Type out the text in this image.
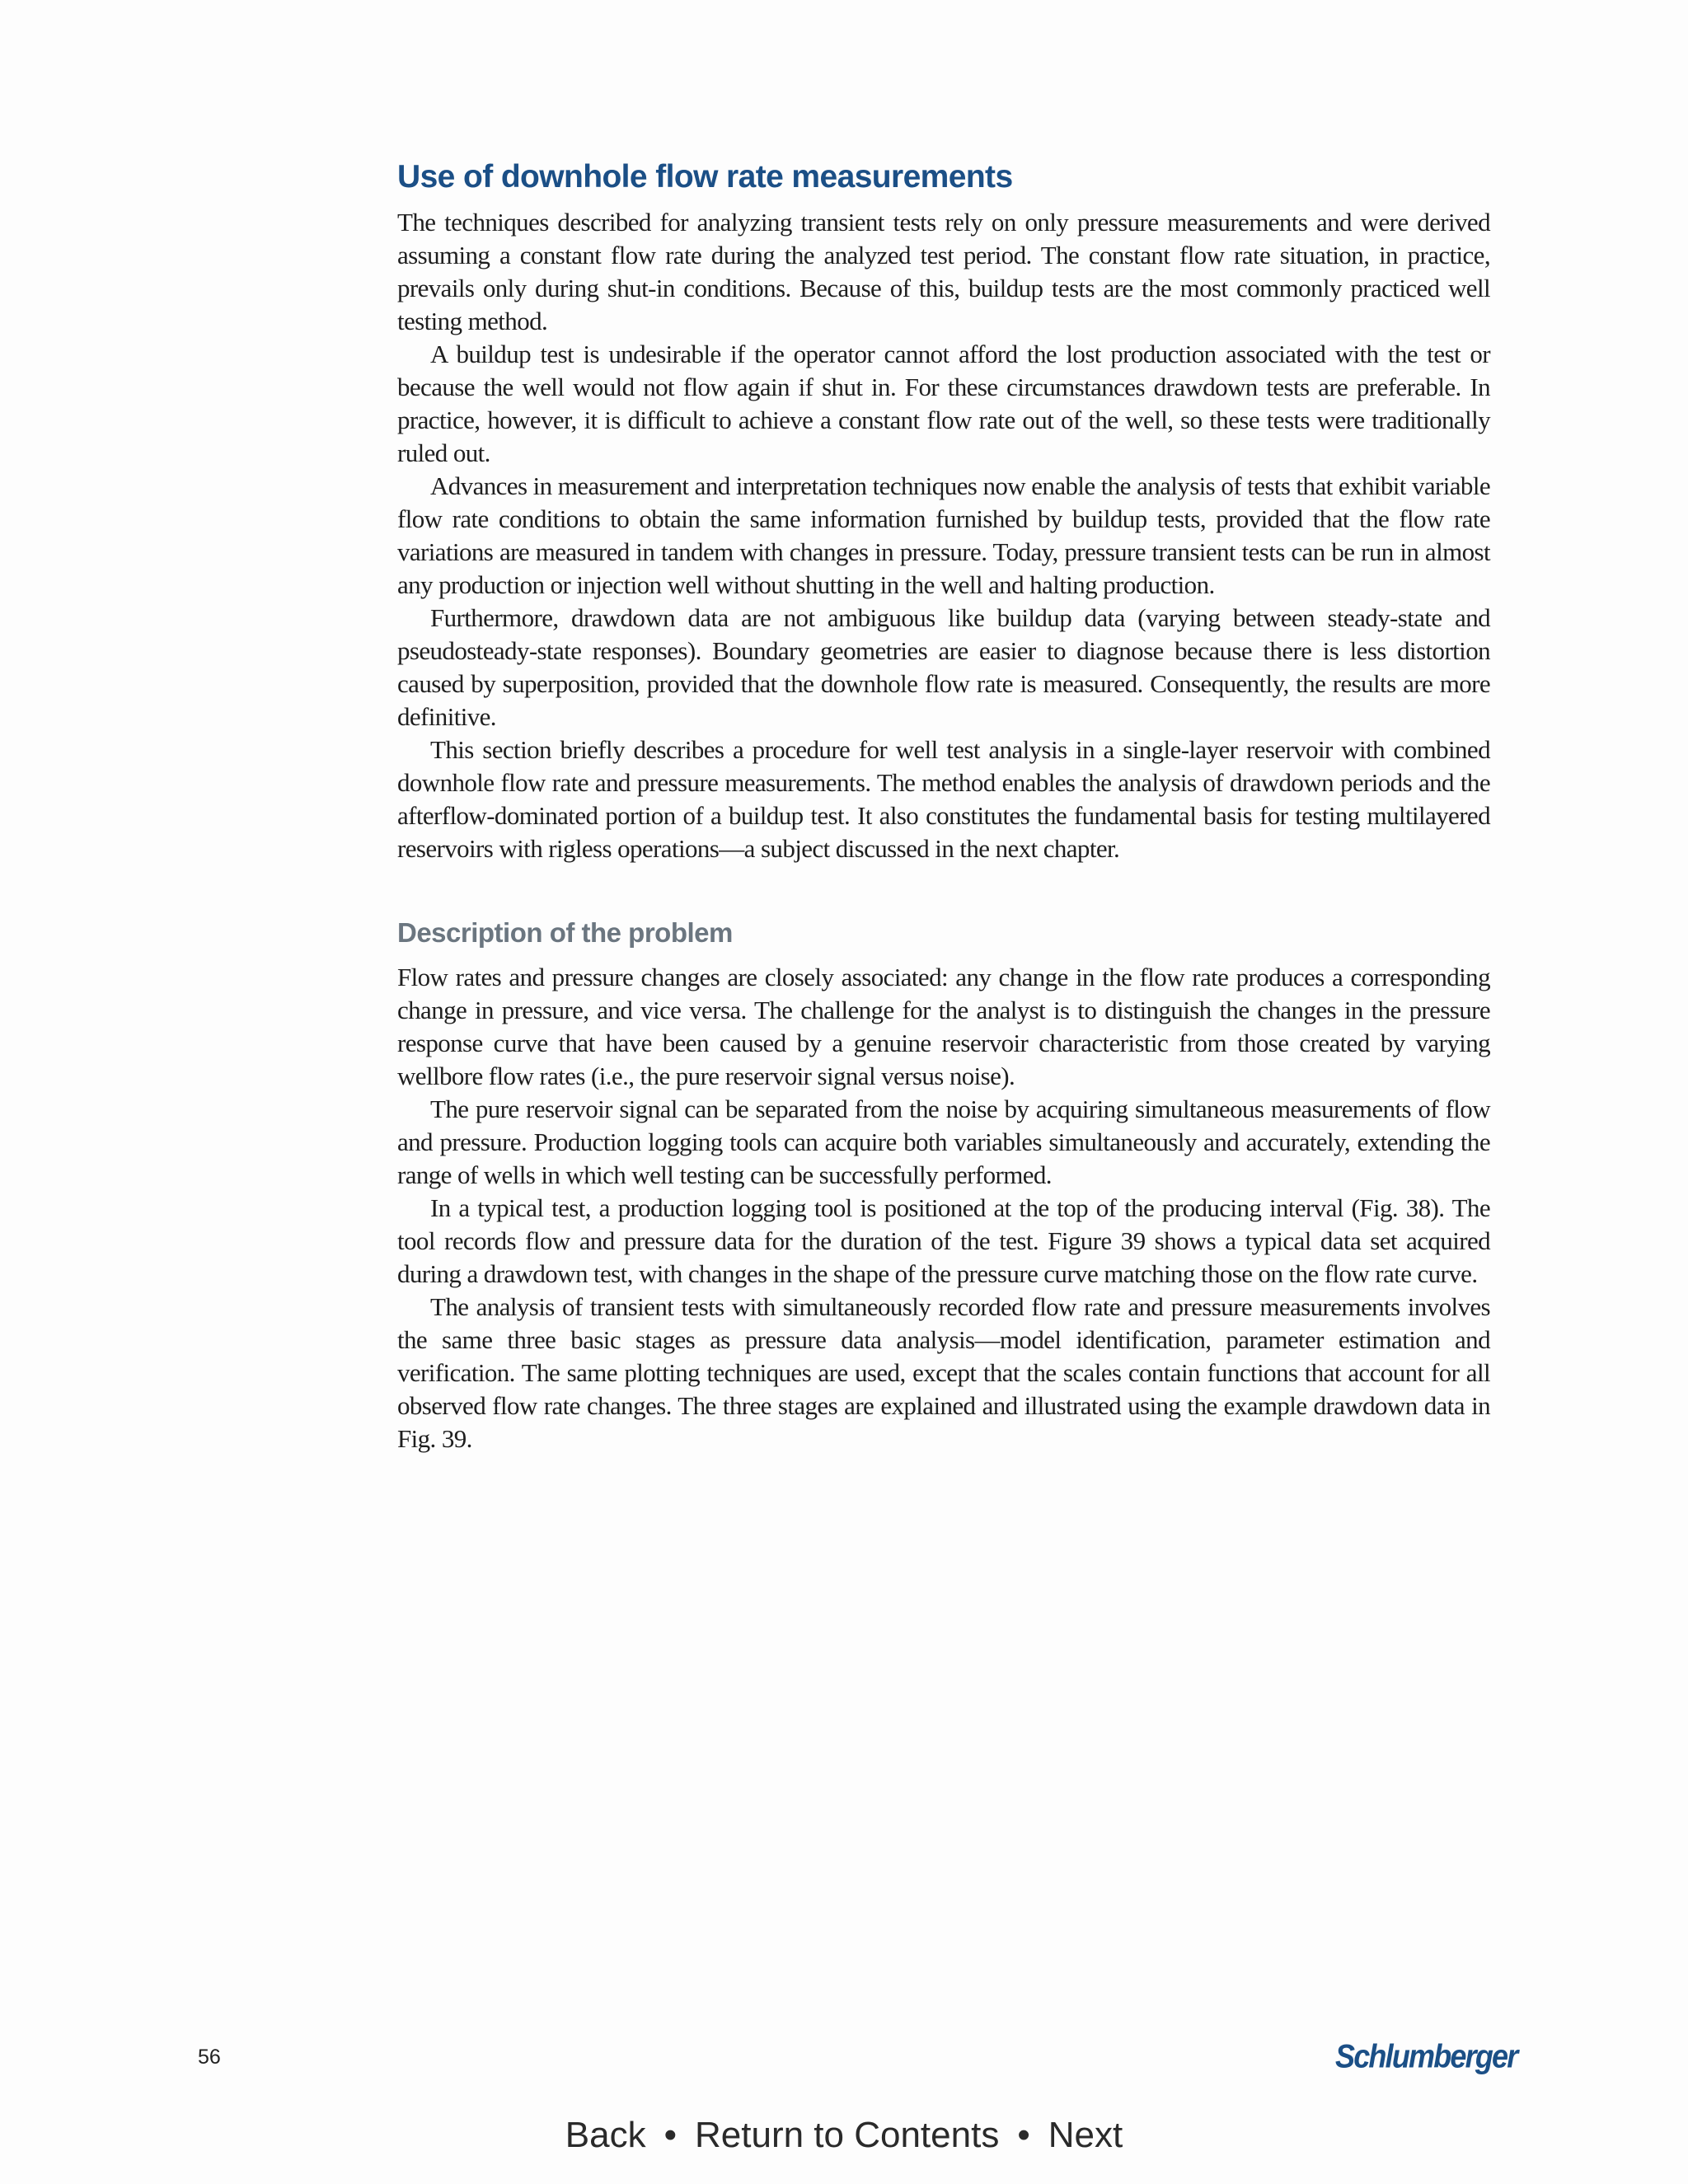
Use of downhole flow rate measurements

The techniques described for analyzing transient tests rely on only pressure measurements and were derived assuming a constant flow rate during the analyzed test period. The constant flow rate situation, in practice, prevails only during shut-in conditions. Because of this, buildup tests are the most commonly practiced well testing method.

A buildup test is undesirable if the operator cannot afford the lost production associated with the test or because the well would not flow again if shut in. For these circumstances drawdown tests are preferable. In practice, however, it is difficult to achieve a constant flow rate out of the well, so these tests were traditionally ruled out.

Advances in measurement and interpretation techniques now enable the analysis of tests that exhibit variable flow rate conditions to obtain the same information furnished by buildup tests, provided that the flow rate variations are measured in tandem with changes in pressure. Today, pressure transient tests can be run in almost any production or injection well without shutting in the well and halting production.

Furthermore, drawdown data are not ambiguous like buildup data (varying between steady-state and pseudosteady-state responses). Boundary geometries are easier to diagnose because there is less distortion caused by superposition, provided that the downhole flow rate is measured. Consequently, the results are more definitive.

This section briefly describes a procedure for well test analysis in a single-layer reservoir with combined downhole flow rate and pressure measurements. The method enables the analysis of drawdown periods and the afterflow-dominated portion of a buildup test. It also constitutes the fundamental basis for testing multilayered reservoirs with rigless operations—a subject discussed in the next chapter.

Description of the problem

Flow rates and pressure changes are closely associated: any change in the flow rate produces a corresponding change in pressure, and vice versa. The challenge for the analyst is to distinguish the changes in the pressure response curve that have been caused by a genuine reservoir characteristic from those created by varying wellbore flow rates (i.e., the pure reservoir signal versus noise).

The pure reservoir signal can be separated from the noise by acquiring simultaneous measurements of flow and pressure. Production logging tools can acquire both variables simultaneously and accurately, extending the range of wells in which well testing can be successfully performed.

In a typical test, a production logging tool is positioned at the top of the producing interval (Fig. 38). The tool records flow and pressure data for the duration of the test. Figure 39 shows a typical data set acquired during a drawdown test, with changes in the shape of the pressure curve matching those on the flow rate curve.

The analysis of transient tests with simultaneously recorded flow rate and pressure measurements involves the same three basic stages as pressure data analysis—model identification, parameter estimation and verification. The same plotting techniques are used, except that the scales contain functions that account for all observed flow rate changes. The three stages are explained and illustrated using the example drawdown data in Fig. 39.

56	Schlumberger
Back • Return to Contents • Next
